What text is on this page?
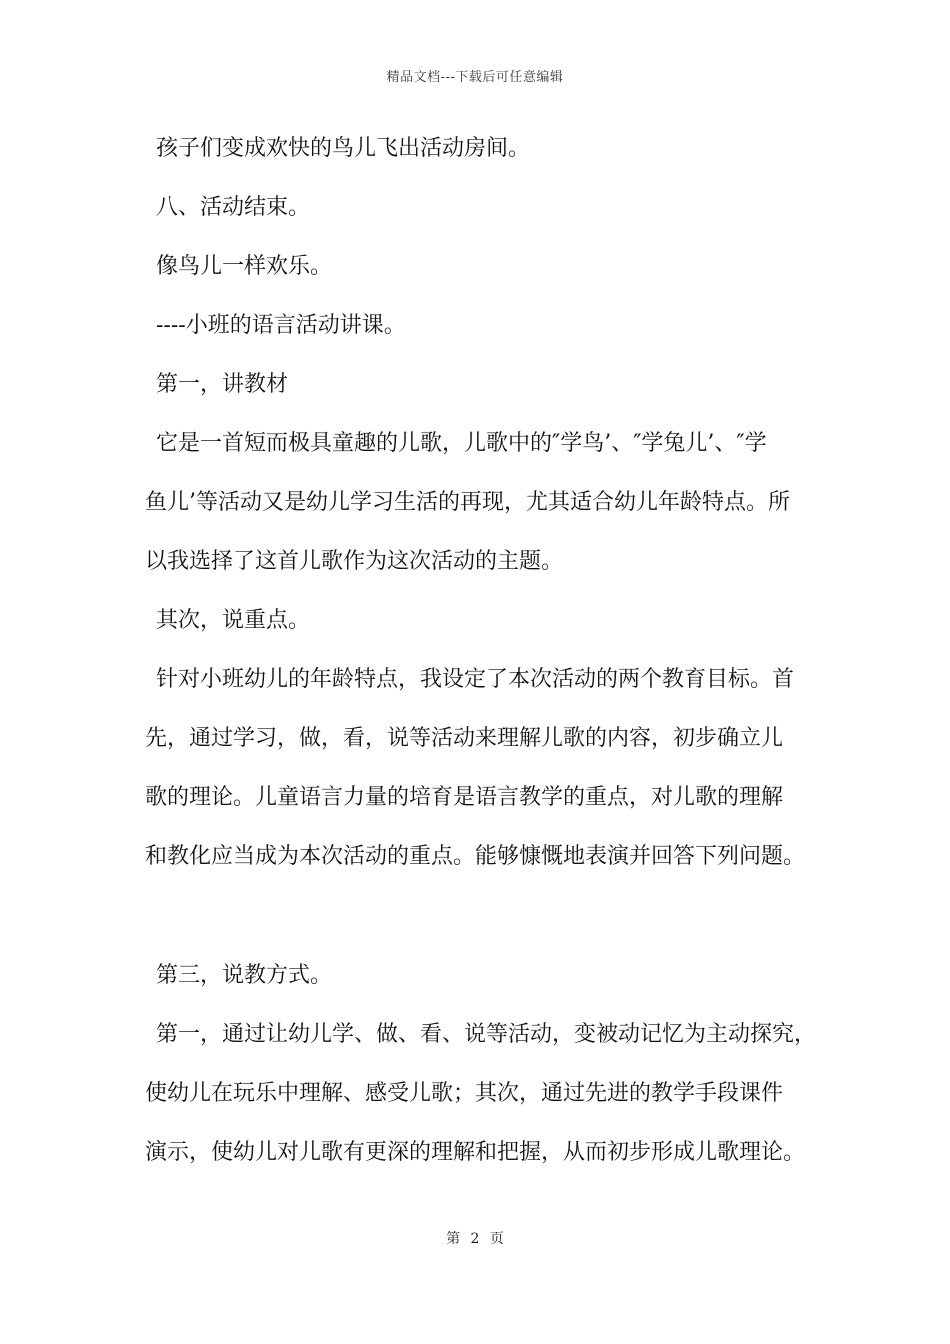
精品文档---下载后可任意编辑
孩子们变成欢快的鸟儿飞出活动房间。
八、活动结束。
像鸟儿一样欢乐。
----小班的语言活动讲课。
第一，讲教材
它是一首短而极具童趣的儿歌，儿歌中的″学鸟’、″学兔儿’、″学
鱼儿’等活动又是幼儿学习生活的再现，尤其适合幼儿年龄特点。所
以我选择了这首儿歌作为这次活动的主题。
其次，说重点。
针对小班幼儿的年龄特点，我设定了本次活动的两个教育目标。首
先，通过学习，做，看，说等活动来理解儿歌的内容，初步确立儿
歌的理论。儿童语言力量的培育是语言教学的重点，对儿歌的理解
和教化应当成为本次活动的重点。能够慷慨地表演并回答下列问题。
第三，说教方式。
第一，通过让幼儿学、做、看、说等活动，变被动记忆为主动探究，
使幼儿在玩乐中理解、感受儿歌；其次，通过先进的教学手段课件
演示，使幼儿对儿歌有更深的理解和把握，从而初步形成儿歌理论。
第 2 页
